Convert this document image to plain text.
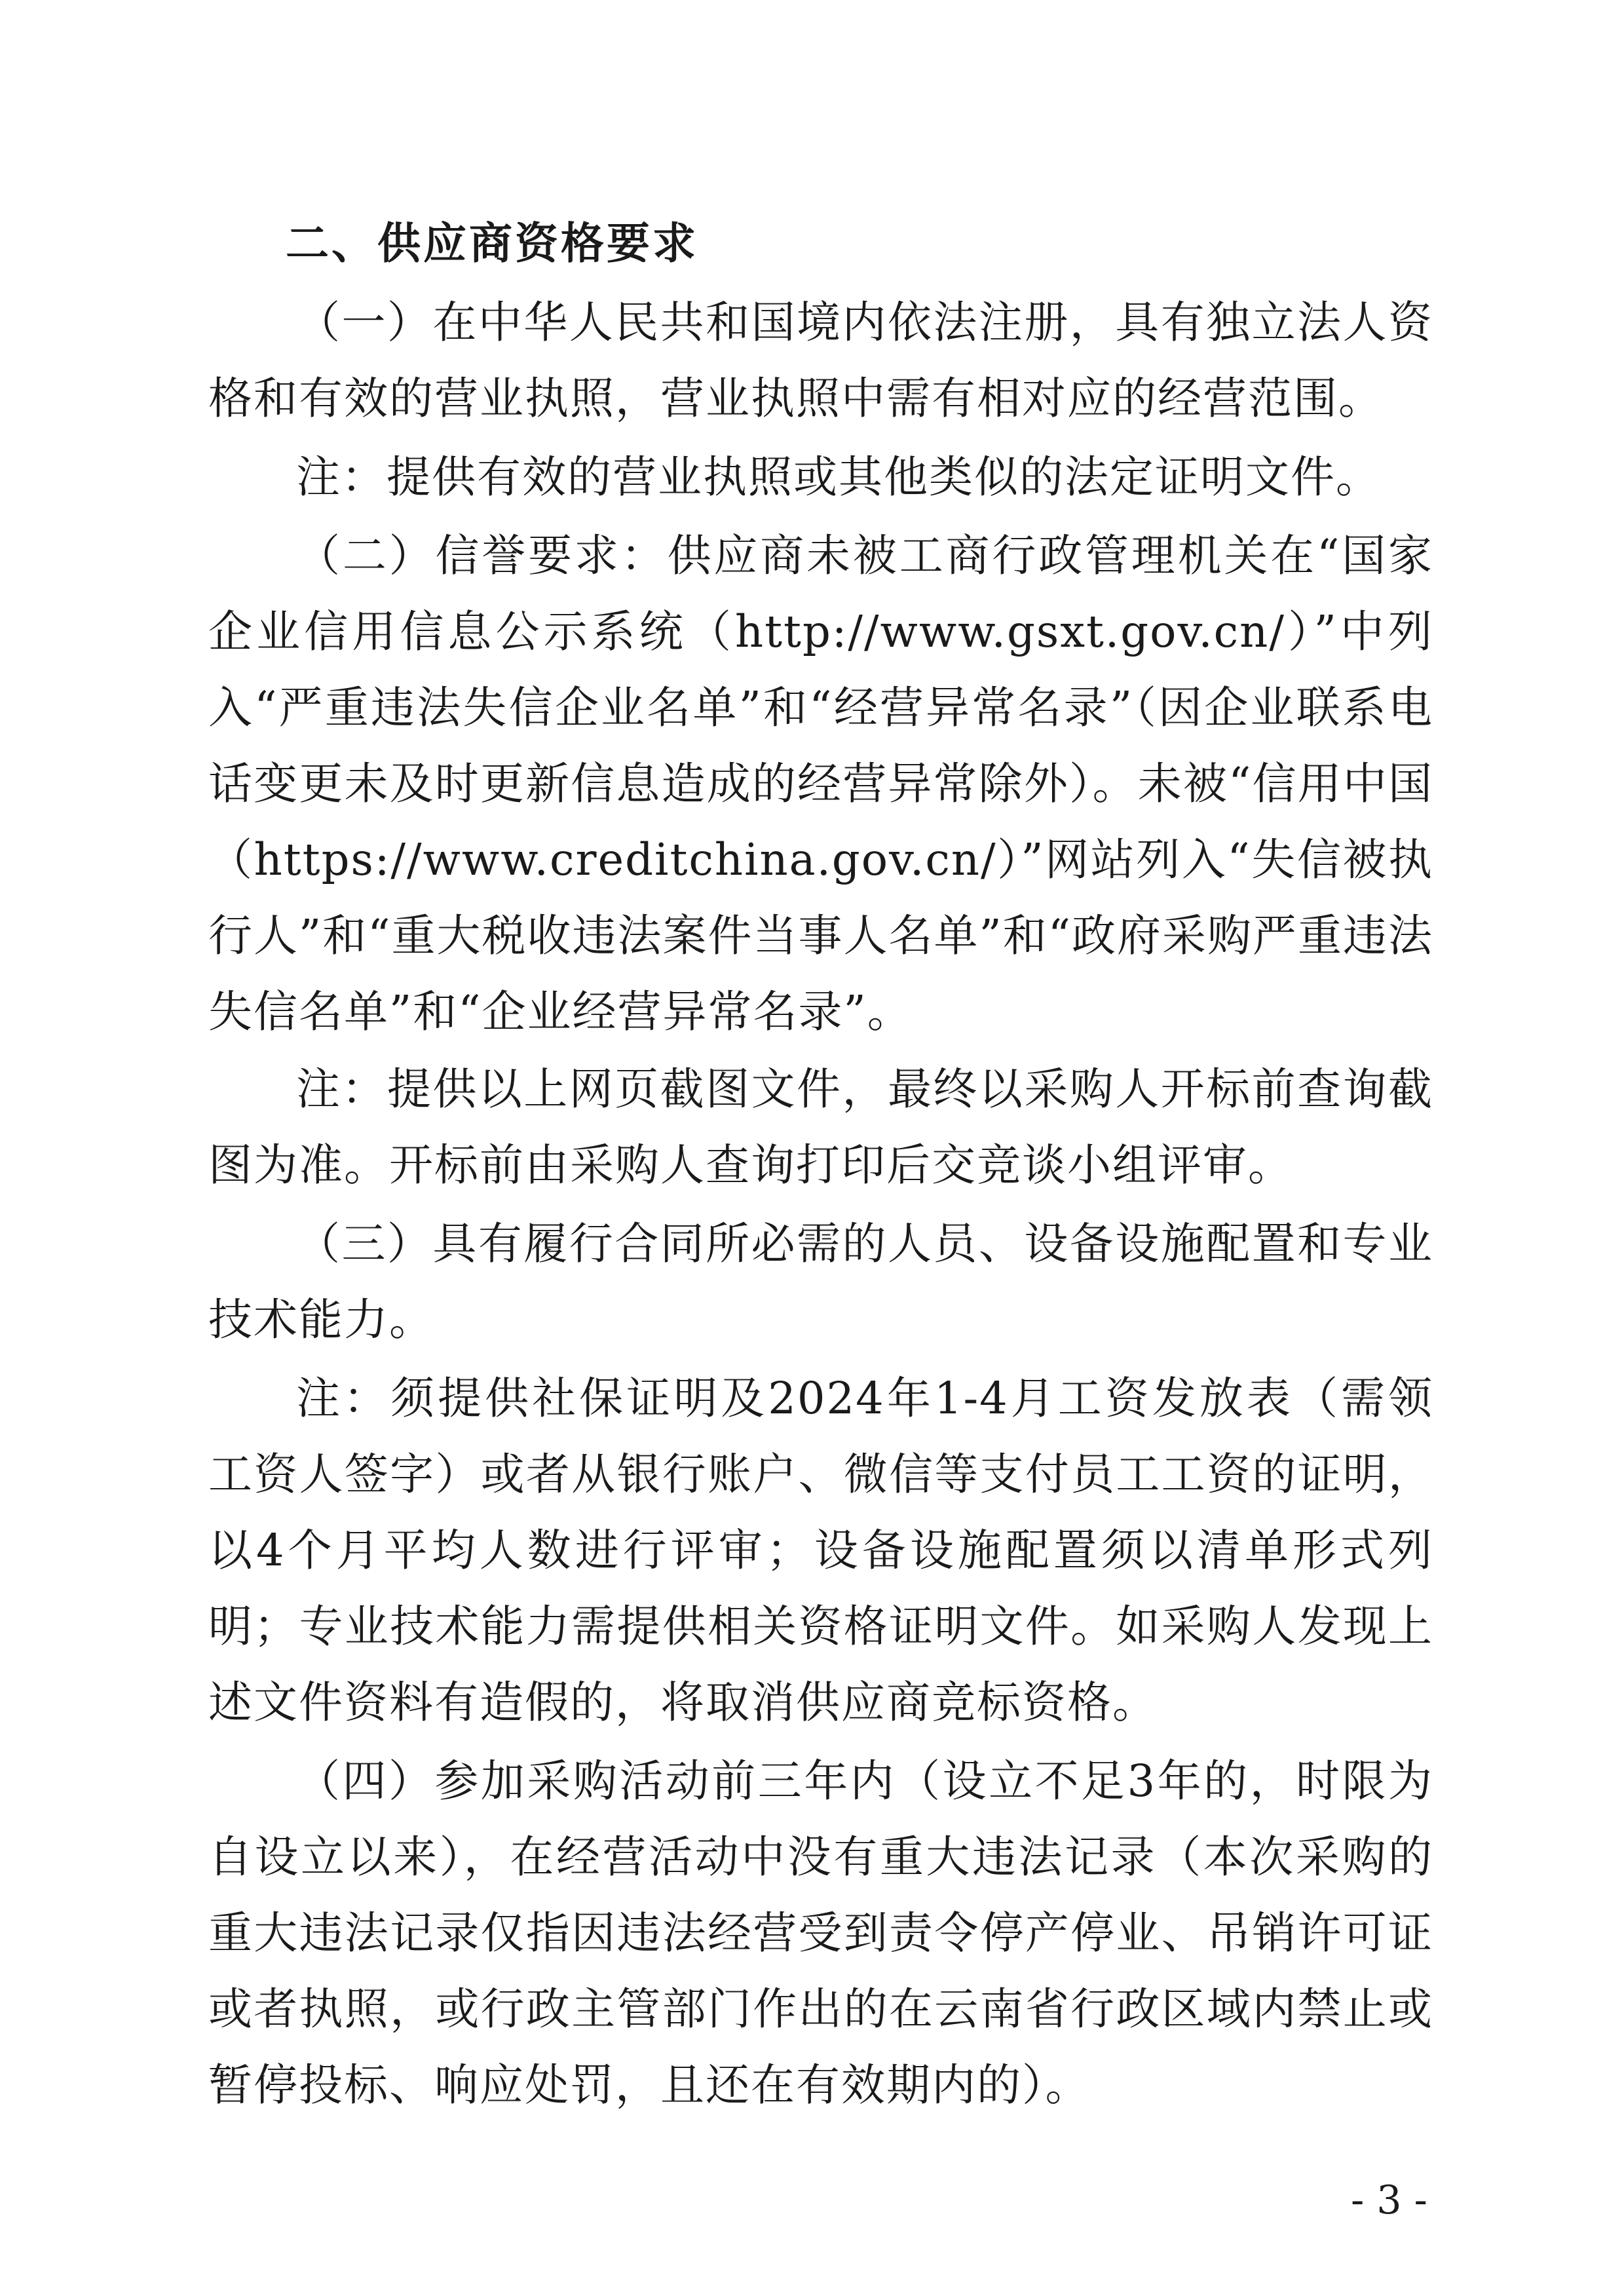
二、供应商资格要求

（一）在中华人民共和国境内依法注册，具有独立法人资格和有效的营业执照，营业执照中需有相对应的经营范围。

注：提供有效的营业执照或其他类似的法定证明文件。

（二）信誉要求：供应商未被工商行政管理机关在“国家企业信用信息公示系统（http://www.gsxt.gov.cn/）”中列入“严重违法失信企业名单”和“经营异常名录”（因企业联系电话变更未及时更新信息造成的经营异常除外）。未被“信用中国（https://www.creditchina.gov.cn/）”网站列入“失信被执行人”和“重大税收违法案件当事人名单”和“政府采购严重违法失信名单”和“企业经营异常名录”。

注：提供以上网页截图文件，最终以采购人开标前查询截图为准。开标前由采购人查询打印后交竞谈小组评审。

（三）具有履行合同所必需的人员、设备设施配置和专业技术能力。

注：须提供社保证明及2024年1-4月工资发放表（需领工资人签字）或者从银行账户、微信等支付员工工资的证明，以4个月平均人数进行评审；设备设施配置须以清单形式列明；专业技术能力需提供相关资格证明文件。如采购人发现上述文件资料有造假的，将取消供应商竞标资格。

（四）参加采购活动前三年内（设立不足3年的，时限为自设立以来），在经营活动中没有重大违法记录（本次采购的重大违法记录仅指因违法经营受到责令停产停业、吊销许可证或者执照，或行政主管部门作出的在云南省行政区域内禁止或暂停投标、响应处罚，且还在有效期内的）。

- 3 -
